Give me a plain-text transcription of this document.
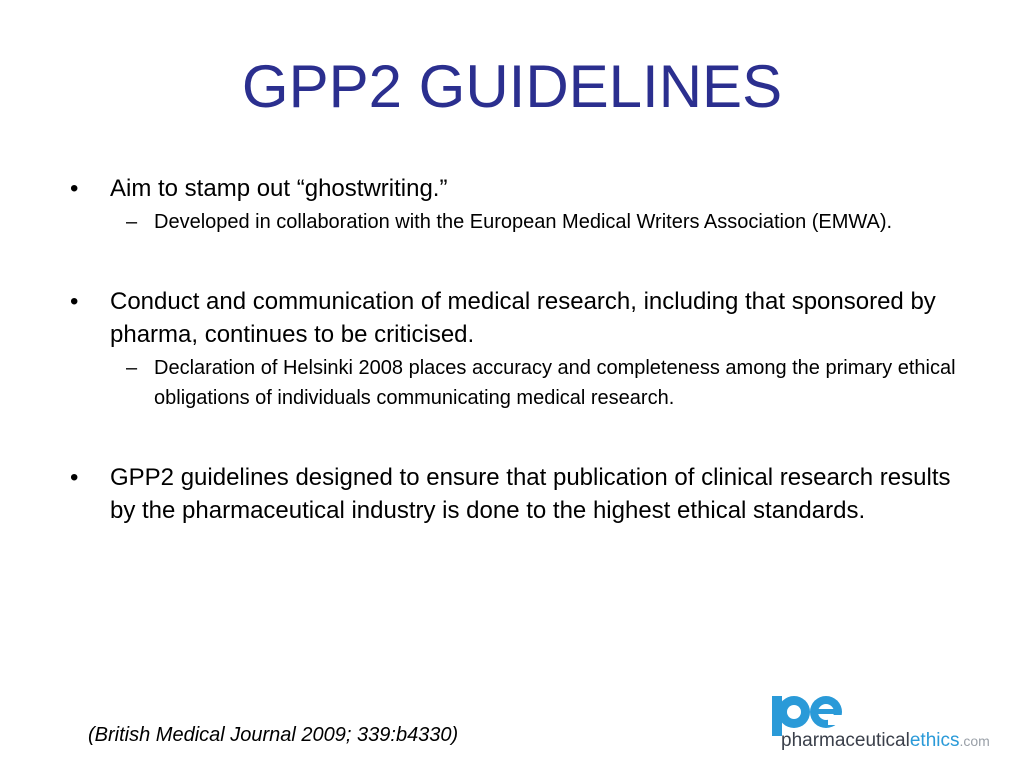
GPP2 GUIDELINES
•	Aim to stamp out “ghostwriting.”
– Developed in collaboration with the European Medical Writers Association (EMWA).
•	Conduct and communication of medical research, including that sponsored by pharma, continues to be criticised.
– Declaration of Helsinki 2008 places accuracy and completeness among the primary ethical obligations of individuals communicating medical research.
•	GPP2 guidelines designed to ensure that publication of clinical research results by the pharmaceutical industry is done to the highest ethical standards.
(British Medical Journal 2009; 339:b4330)	pharmaceuticalethics.com
